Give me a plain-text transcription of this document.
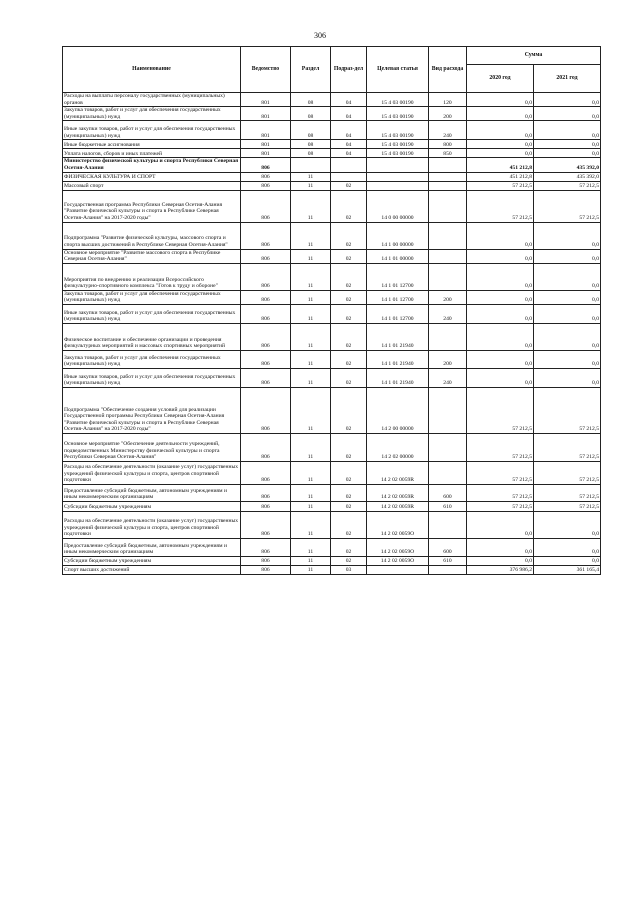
306
Наименование	Ведомство	Раздел	Подраз-дел	Целевая статья	Вид расхода	Сумма	
						2020 год	2021 год
Расходы на выплаты персоналу государственных (муниципальных) органов	801	08	04	15 4 03 00190	120	0,0	0,0
Закупка товаров, работ и услуг для обеспечения государственных (муниципальных) нужд	801	08	04	15 4 03 00190	200	0,0	0,0
Иные закупки товаров, работ и услуг для обеспечения государственных (муниципальных) нужд	801	08	04	15 4 03 00190	240	0,0	0,0
Иные бюджетные ассигнования	801	08	04	15 4 03 00190	800	0,0	0,0
Уплата налогов, сборов и иных платежей	801	08	04	15 4 03 00190	850	0,0	0,0
Министерство физической культуры и спорта Республики Северная Осетия-Алания	806					451 212,8	435 392,0
ФИЗИЧЕСКАЯ КУЛЬТУРА И СПОРТ	806	11				451 212,8	435 392,0
Массовый спорт	806	11	02			57 212,5	57 212,5
Государственная программа Республики Северная Осетия-Алания "Развитие физической культуры и спорта в Республике Северная Осетия-Алания" на 2017-2020 годы"	806	11	02	14 0 00 00000		57 212,5	57 212,5
Подпрограмма "Развитие физической культуры, массового спорта и спорта высших достижений в Республике Северная Осетия-Алания"	806	11	02	14 1 00 00000		0,0	0,0
Основное мероприятие "Развитие массового спорта в Республике Северная Осетия-Алания"	806	11	02	14 1 01 00000		0,0	0,0
Мероприятия по внедрению и реализации Всероссийского физкультурно-спортивного комплекса "Готов к труду и обороне"	806	11	02	14 1 01 12700		0,0	0,0
Закупка товаров, работ и услуг для обеспечения государственных (муниципальных) нужд	806	11	02	14 1 01 12700	200	0,0	0,0
Иные закупки товаров, работ и услуг для обеспечения государственных (муниципальных) нужд	806	11	02	14 1 01 12700	240	0,0	0,0
Физическое воспитание и обеспечение организации и проведения физкультурных мероприятий и массовых спортивных мероприятий	806	11	02	14 1 01 21940		0,0	0,0
Закупка товаров, работ и услуг для обеспечения государственных (муниципальных) нужд	806	11	02	14 1 01 21940	200	0,0	0,0
Иные закупки товаров, работ и услуг для обеспечения государственных (муниципальных) нужд	806	11	02	14 1 01 21940	240	0,0	0,0
Подпрограмма "Обеспечение создания условий для реализации Государственной программы Республики Северная Осетия-Алания "Развитие физической культуры и спорта в Республике Северная Осетия-Алания" на 2017-2020 годы"	806	11	02	14 2 00 00000		57 212,5	57 212,5
Основное мероприятие "Обеспечение деятельности учреждений, подведомственных Министерству физической культуры и спорта Республики Северная Осетия-Алания"	806	11	02	14 2 02 00000		57 212,5	57 212,5
Расходы на обеспечение деятельности (оказание услуг) государственных учреждений физической культуры и спорта, центров спортивной подготовки	806	11	02	14 2 02 0059R		57 212,5	57 212,5
Предоставление субсидий бюджетным, автономным учреждениям и иным некоммерческим организациям	806	11	02	14 2 02 0059R	600	57 212,5	57 212,5
Субсидии бюджетным учреждениям	806	11	02	14 2 02 0059R	610	57 212,5	57 212,5
Расходы на обеспечение деятельности (оказание услуг) государственных учреждений физической культуры и спорта, центров спортивной подготовки	806	11	02	14 2 02 0059O		0,0	0,0
Предоставление субсидий бюджетным, автономным учреждениям и иным некоммерческим организациям	806	11	02	14 2 02 0059O	600	0,0	0,0
Субсидии бюджетным учреждениям	806	11	02	14 2 02 0059O	610	0,0	0,0
Спорт высших достижений	806	11	03			376 986,2	361 165,4
